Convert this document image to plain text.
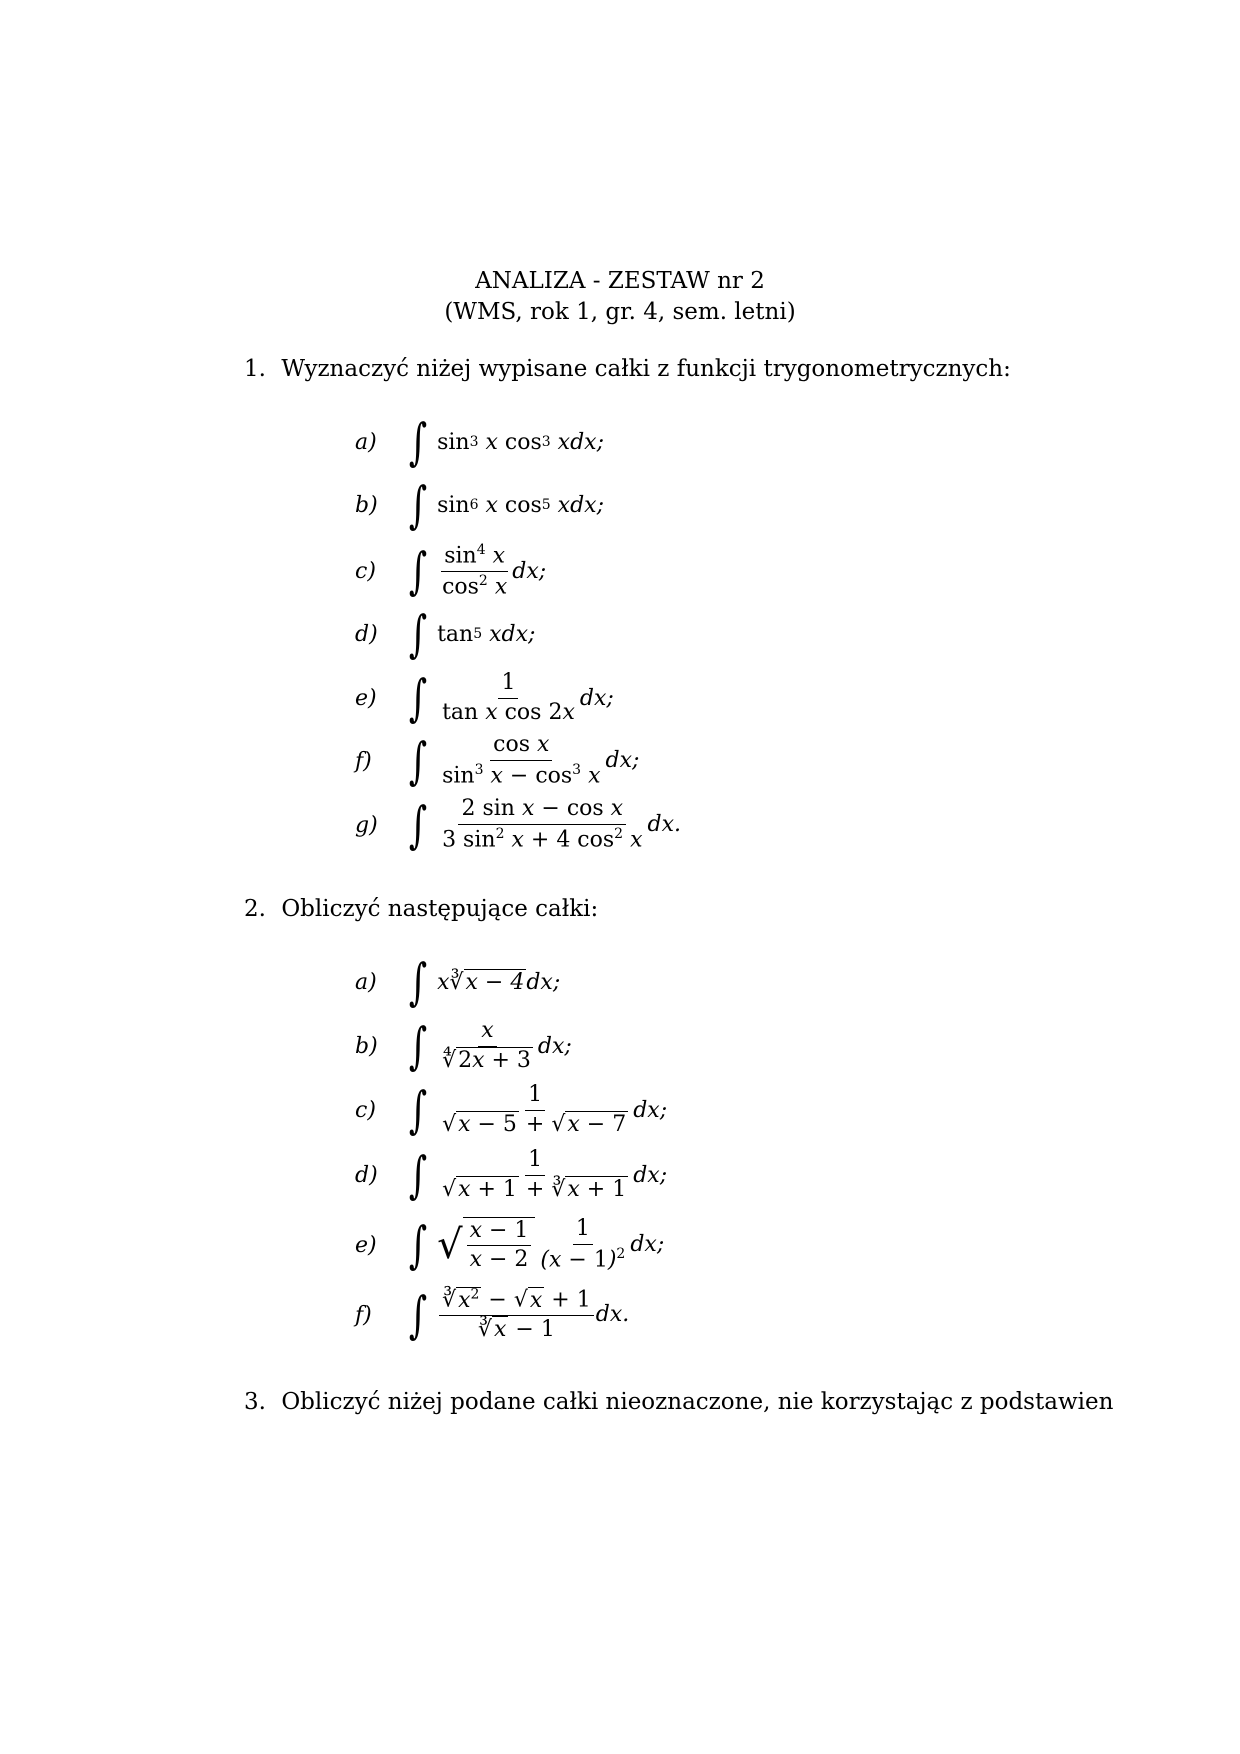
ANALIZA - ZESTAW nr 2
(WMS, rok 1, gr. 4, sem. letni)
1. Wyznaczyć niżej wypisane całki z funkcji trygonometrycznych:
a) ∫ sin 3 x cos 3 xdx;
b) ∫ sin 6 x cos 5 xdx;
c) ∫ $\frac{\sin^4 x}{\cos^2 x}$ dx;
d) ∫ tan 5 xdx;
e) ∫ $\frac{1}{\text{tan x cos 2x}}$ dx;
f) ∫ $\frac{\text{cos x}}{\sin^3 x - \cos^3 x}$ dx;
g) ∫ $\frac{\text{2 sin x − cos x}}{3 \sin^2 x + 4 \cos^2 x}$ dx.
2. Obliczyć następujące całki:
a) ∫ x ∛ x − 4 dx;
b) ∫ $\frac{x}{∜2x + 3}$ dx;
c) ∫ $\frac{1}{√x - 5 + √x - 7}$ dx;
d) ∫ $\frac{1}{√x + 1 + ∛x + 1}$ dx;
e) ∫ √ $\frac{x - 1}{x - 2} \frac{1}{(x - 1)^2}$ dx;
f) ∫ $\frac{∛x^2 - √x + 1}{∛x - 1}$ dx.
3. Obliczyć niżej podane całki nieoznaczone, nie korzystając z podstawien
